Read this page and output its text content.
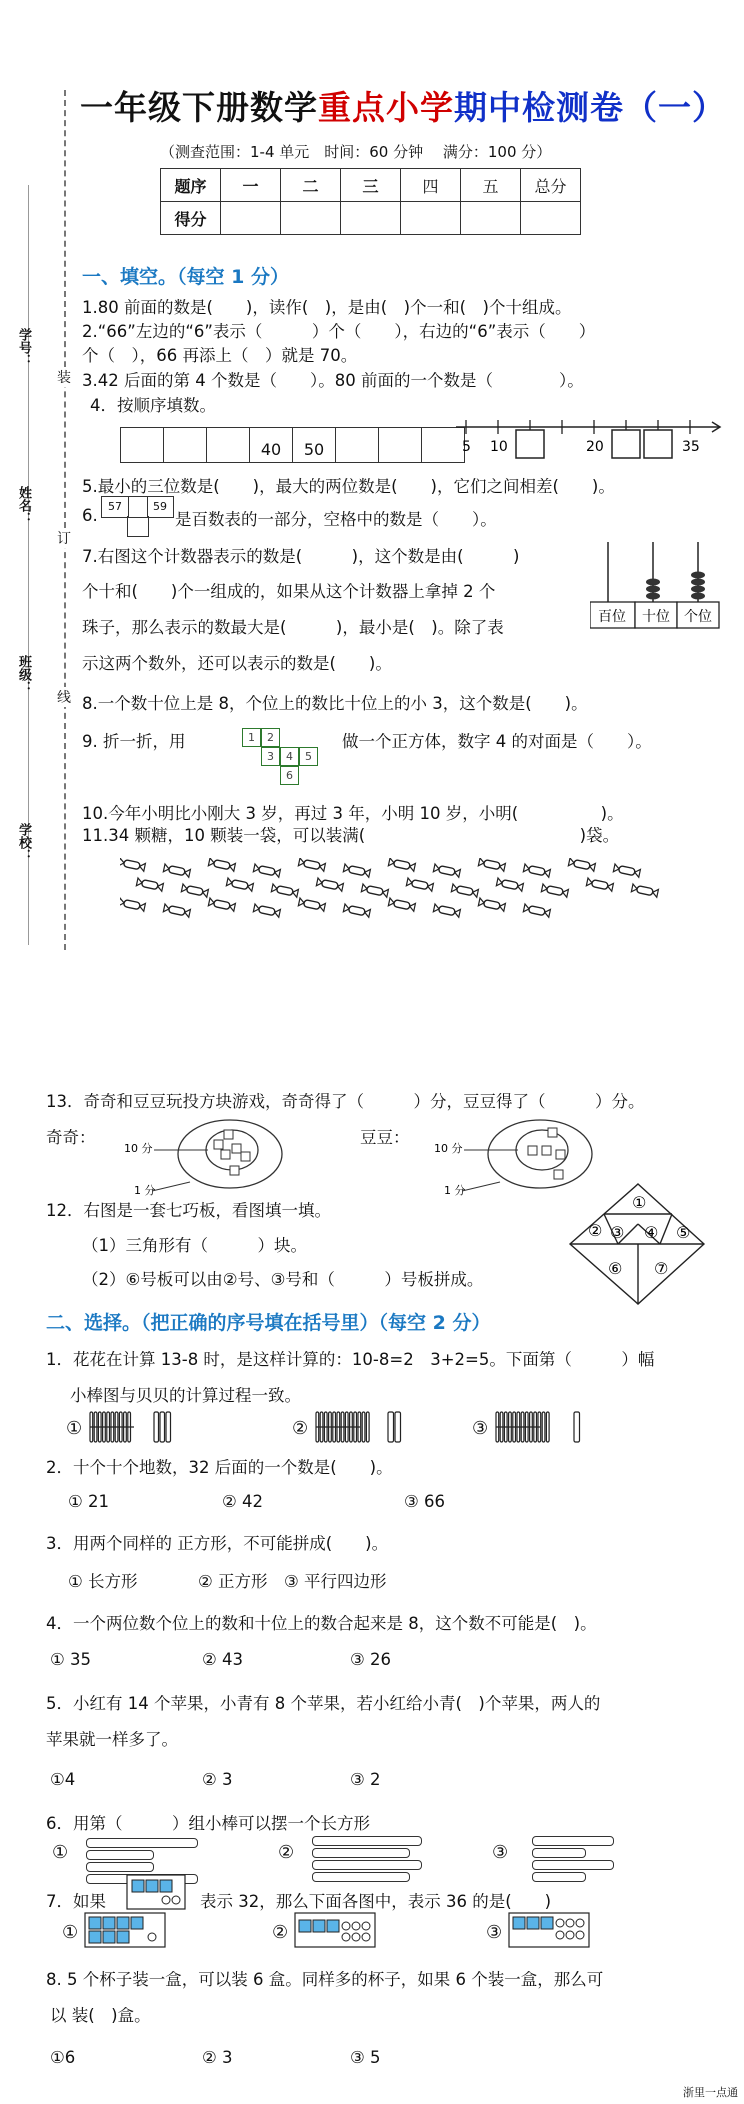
一年级下册数学重点小学期中检测卷（一）
（测查范围：1-4 单元　时间：60 分钟　 满分：100 分）
题序	一	二	三	四	五	总分
得分						
学号：
姓名：
班级：
学校：
装
订
线
一、填空。（每空 1 分）
1.80 前面的数是(　　)，读作(　)，是由(　)个一和(　)个十组成。
2.“66”左边的“6”表示（　　　）个（　　），右边的“6”表示（　　）
个（　），66 再添上（　）就是 70。
3.42 后面的第 4 个数是（　　）。80 前面的一个数是（　　　　）。
4．按顺序填数。
40	50	5 10	20	35
5.最小的三位数是(　　)，最大的两位数是(　　)，它们之间相差(　　)。
6. 57	59
是百数表的一部分，空格中的数是（　　）。
7.右图这个计数器表示的数是(　　　)，这个数是由(　　　)
个十和(　　)个一组成的，如果从这个计数器上拿掉 2 个
珠子，那么表示的数最大是(　　　)，最小是(　)。除了表
示这两个数外，还可以表示的数是(　　)。
百位 十位 个位
8.一个数十位上是 8，个位上的数比十位上的小 3，这个数是(　　)。
9. 折一折，用	1	2
3	4	5
6
做一个正方体，数字 4 的对面是（　　）。
10.今年小明比小刚大 3 岁，再过 3 年，小明 10 岁，小明(　　　　　)。
11.34 颗糖，10 颗装一袋，可以装满(　　　　　　　　　　　　　)袋。
13．奇奇和豆豆玩投方块游戏，奇奇得了（　　　）分，豆豆得了（　　　）分。
奇奇：	豆豆：
10 分
1 分
10 分
1 分
12．右图是一套七巧板，看图填一填。
（1）三角形有（　　　）块。
（2）⑥号板可以由②号、③号和（　　　）号板拼成。
①
② ③ ④ ⑤
⑥ ⑦
二、选择。（把正确的序号填在括号里）（每空 2 分）
1．花花在计算 13-8 时，是这样计算的：10-8=2　3+2=5。下面第（　　　）幅
小棒图与贝贝的计算过程一致。
①	②	③
2．十个十个地数，32 后面的一个数是(　　)。
① 21	② 42	③ 66
3．用两个同样的 正方形，不可能拼成(　　)。
① 长方形	② 正方形 ③ 平行四边形
4．一个两位数个位上的数和十位上的数合起来是 8，这个数不可能是(　)。
① 35	② 43	③ 26
5．小红有 14 个苹果，小青有 8 个苹果，若小红给小青(　)个苹果，两人的
苹果就一样多了。
①4	② 3	③ 2
6．用第（　　　）组小棒可以摆一个长方形
①	②	③
7．如果	表示 32，那么下面各图中，表示 36 的是(　　)
①	②	③
8. 5 个杯子装一盒，可以装 6 盒。同样多的杯子，如果 6 个装一盒，那么可
以 装(　)盒。
①6	② 3	③ 5
浙里一点通
